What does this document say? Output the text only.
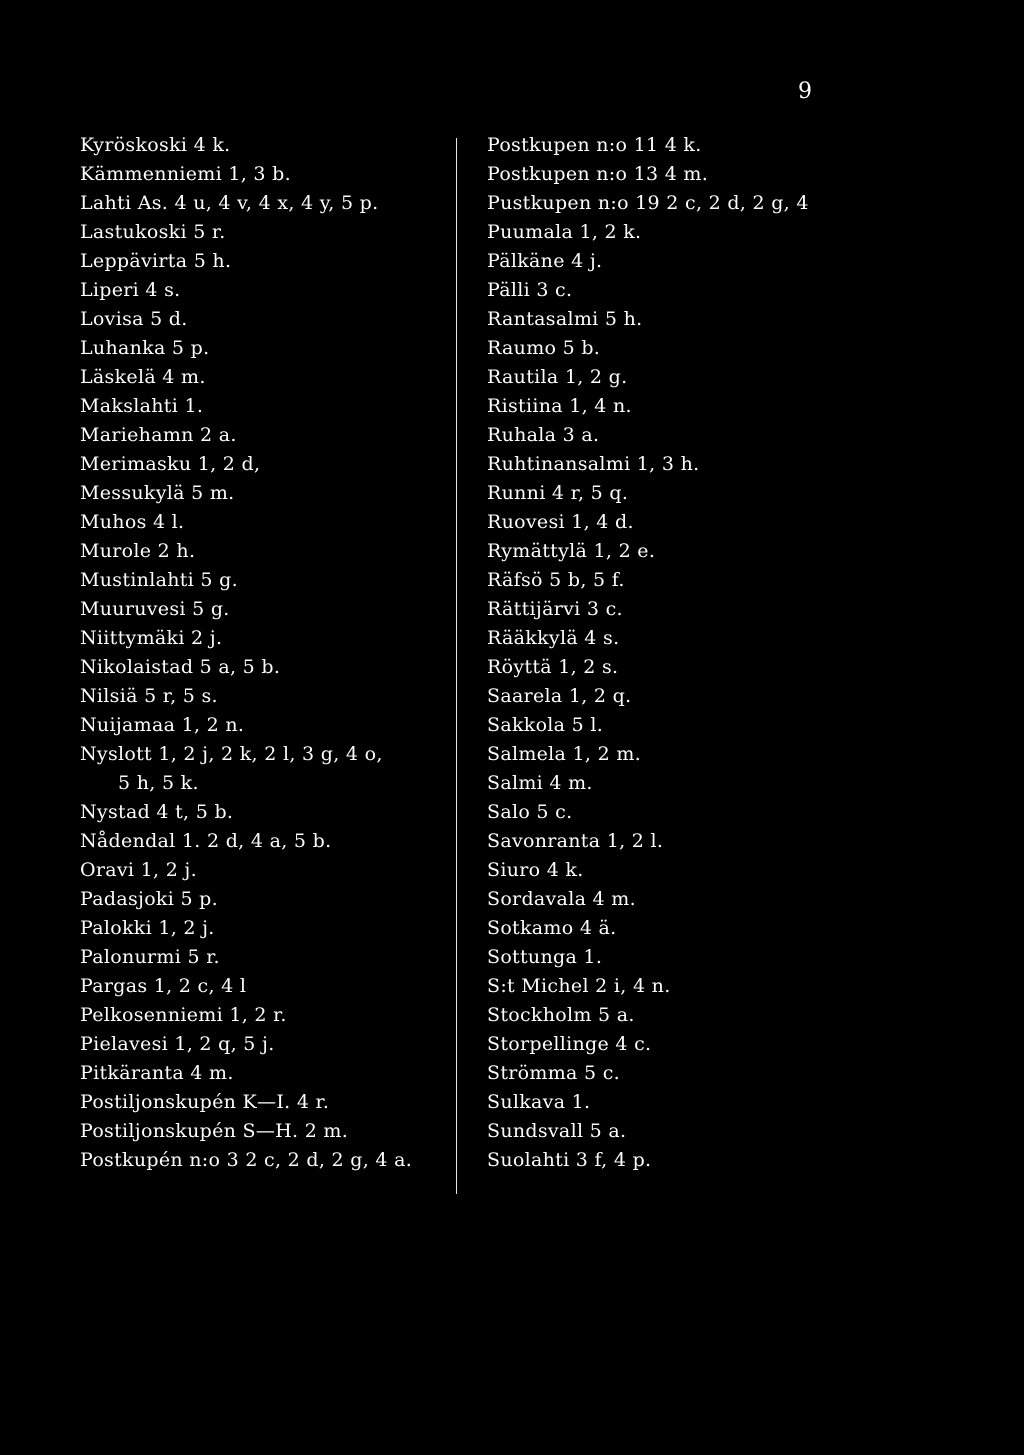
9
Kyröskoski 4 k.
Kämmenniemi 1, 3 b.
Lahti As. 4 u, 4 v, 4 x, 4 y, 5 p.
Lastukoski 5 r.
Leppävirta 5 h.
Liperi 4 s.
Lovisa 5 d.
Luhanka 5 p.
Läskelä 4 m.
Makslahti 1.
Mariehamn 2 a.
Merimasku 1, 2 d,
Messukylä 5 m.
Muhos 4 l.
Murole 2 h.
Mustinlahti 5 g.
Muuruvesi 5 g.
Niittymäki 2 j.
Nikolaistad 5 a, 5 b.
Nilsiä 5 r, 5 s.
Nuijamaa 1, 2 n.
Nyslott 1, 2 j, 2 k, 2 l, 3 g, 4 o,
5 h, 5 k.
Nystad 4 t, 5 b.
Nådendal 1. 2 d, 4 a, 5 b.
Oravi 1, 2 j.
Padasjoki 5 p.
Palokki 1, 2 j.
Palonurmi 5 r.
Pargas 1, 2 c, 4 l
Pelkosenniemi 1, 2 r.
Pielavesi 1, 2 q, 5 j.
Pitkäranta 4 m.
Postiljonskupén K—I. 4 r.
Postiljonskupén S—H. 2 m.
Postkupén n:o 3 2 c, 2 d, 2 g, 4 a.
Postkupen n:o 11 4 k.
Postkupen n:o 13 4 m.
Pustkupen n:o 19 2 c, 2 d, 2 g, 4
Puumala 1, 2 k.
Pälkäne 4 j.
Pälli 3 c.
Rantasalmi 5 h.
Raumo 5 b.
Rautila 1, 2 g.
Ristiina 1, 4 n.
Ruhala 3 a.
Ruhtinansalmi 1, 3 h.
Runni 4 r, 5 q.
Ruovesi 1, 4 d.
Rymättylä 1, 2 e.
Räfsö 5 b, 5 f.
Rättijärvi 3 c.
Rääkkylä 4 s.
Röyttä 1, 2 s.
Saarela 1, 2 q.
Sakkola 5 l.
Salmela 1, 2 m.
Salmi 4 m.
Salo 5 c.
Savonranta 1, 2 l.
Siuro 4 k.
Sordavala 4 m.
Sotkamo 4 ä.
Sottunga 1.
S:t Michel 2 i, 4 n.
Stockholm 5 a.
Storpellinge 4 c.
Strömma 5 c.
Sulkava 1.
Sundsvall 5 a.
Suolahti 3 f, 4 p.
